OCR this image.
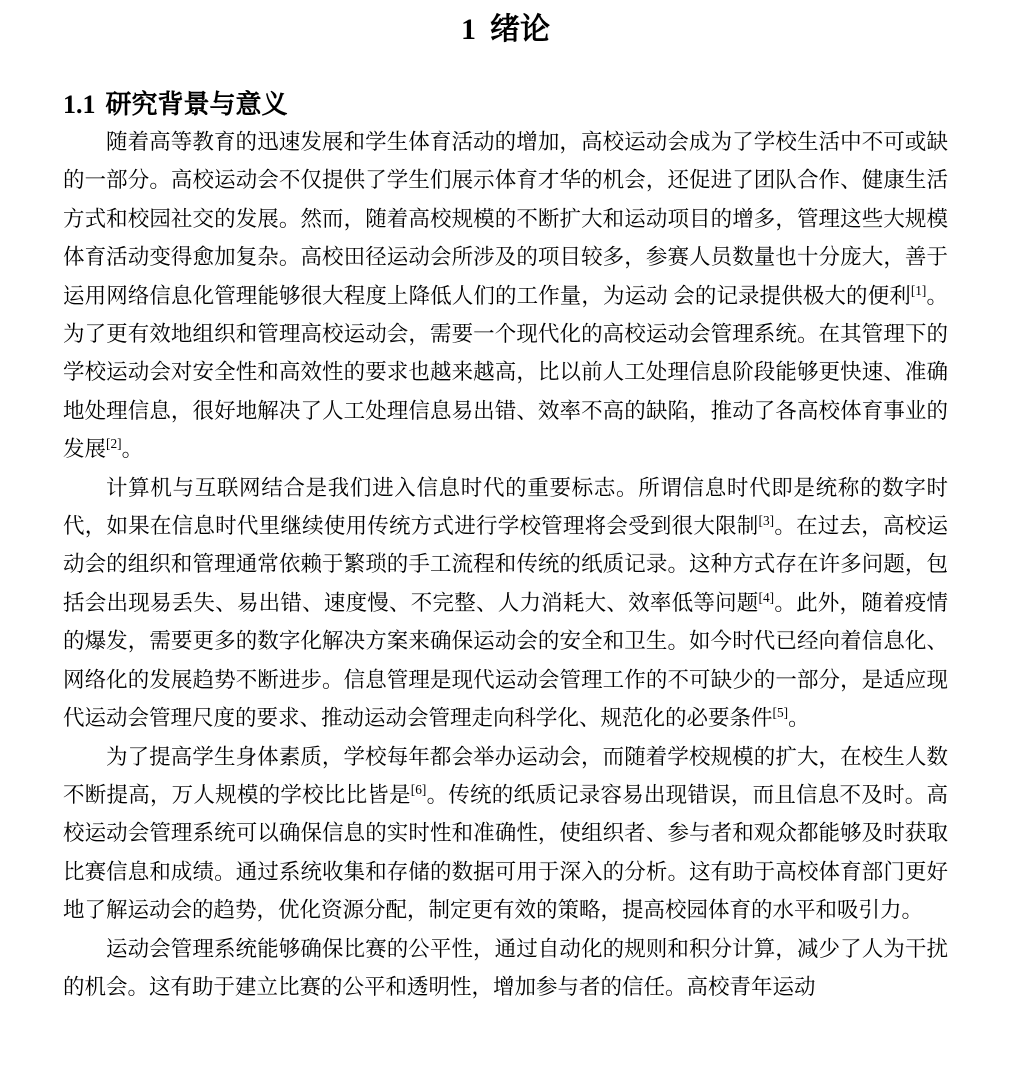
1 绪论
1.1 研究背景与意义

随着高等教育的迅速发展和学生体育活动的增加，高校运动会成为了学校生活中不可或缺的一部分。高校运动会不仅提供了学生们展示体育才华的机会，还促进了团队合作、健康生活方式和校园社交的发展。然而，随着高校规模的不断扩大和运动项目的增多，管理这些大规模体育活动变得愈加复杂。高校田径运动会所涉及的项目较多，参赛人员数量也十分庞大，善于运用网络信息化管理能够很大程度上降低人们的工作量，为运动 会的记录提供极大的便利[1]。为了更有效地组织和管理高校运动会，需要一个现代化的高校运动会管理系统。在其管理下的学校运动会对安全性和高效性的要求也越来越高，比以前人工处理信息阶段能够更快速、准确地处理信息，很好地解决了人工处理信息易出错、效率不高的缺陷，推动了各高校体育事业的发展[2]。

计算机与互联网结合是我们进入信息时代的重要标志。所谓信息时代即是统称的数字时代，如果在信息时代里继续使用传统方式进行学校管理将会受到很大限制[3]。在过去，高校运动会的组织和管理通常依赖于繁琐的手工流程和传统的纸质记录。这种方式存在许多问题，包括会出现易丢失、易出错、速度慢、不完整、人力消耗大、效率低等问题[4]。此外，随着疫情的爆发，需要更多的数字化解决方案来确保运动会的安全和卫生。如今时代已经向着信息化、网络化的发展趋势不断进步。信息管理是现代运动会管理工作的不可缺少的一部分，是适应现代运动会管理尺度的要求、推动运动会管理走向科学化、规范化的必要条件[5]。

为了提高学生身体素质，学校每年都会举办运动会，而随着学校规模的扩大，在校生人数不断提高，万人规模的学校比比皆是[6]。传统的纸质记录容易出现错误，而且信息不及时。高校运动会管理系统可以确保信息的实时性和准确性，使组织者、参与者和观众都能够及时获取比赛信息和成绩。通过系统收集和存储的数据可用于深入的分析。这有助于高校体育部门更好地了解运动会的趋势，优化资源分配，制定更有效的策略，提高校园体育的水平和吸引力。

运动会管理系统能够确保比赛的公平性，通过自动化的规则和积分计算，减少了人为干扰的机会。这有助于建立比赛的公平和透明性，增加参与者的信任。高校青年运动
